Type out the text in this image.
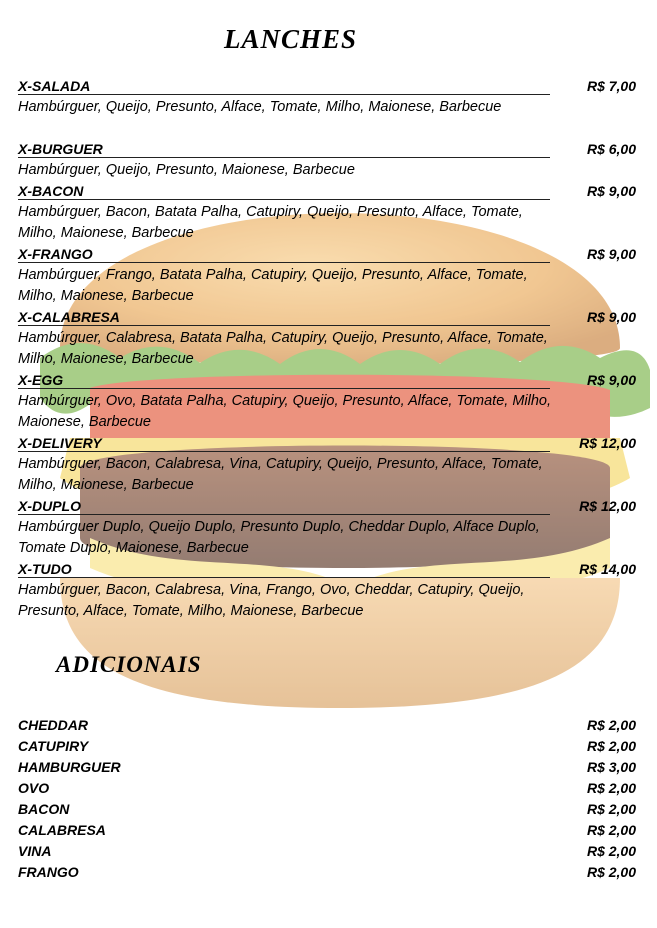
LANCHES
X-SALADA	R$ 7,00
Hambúrguer, Queijo, Presunto, Alface, Tomate, Milho, Maionese, Barbecue
X-BURGUER	R$ 6,00
Hambúrguer, Queijo, Presunto, Maionese, Barbecue
X-BACON	R$ 9,00
Hambúrguer, Bacon, Batata Palha, Catupiry, Queijo, Presunto, Alface, Tomate, Milho, Maionese, Barbecue
X-FRANGO	R$ 9,00
Hambúrguer, Frango, Batata Palha, Catupiry, Queijo, Presunto, Alface, Tomate, Milho, Maionese, Barbecue
X-CALABRESA	R$ 9,00
Hambúrguer, Calabresa, Batata Palha, Catupiry, Queijo, Presunto, Alface, Tomate, Milho, Maionese, Barbecue
X-EGG	R$ 9,00
Hambúrguer, Ovo, Batata Palha, Catupiry, Queijo, Presunto, Alface, Tomate, Milho, Maionese, Barbecue
X-DELIVERY	R$ 12,00
Hambúrguer, Bacon, Calabresa, Vina, Catupiry, Queijo, Presunto, Alface, Tomate, Milho, Maionese, Barbecue
X-DUPLO	R$ 12,00
Hambúrguer Duplo, Queijo Duplo, Presunto Duplo, Cheddar Duplo, Alface Duplo, Tomate Duplo, Maionese, Barbecue
X-TUDO	R$ 14,00
Hambúrguer, Bacon, Calabresa, Vina, Frango, Ovo, Cheddar, Catupiry, Queijo, Presunto, Alface, Tomate, Milho, Maionese, Barbecue
ADICIONAIS
CHEDDAR	R$ 2,00
CATUPIRY	R$ 2,00
HAMBURGUER	R$ 3,00
OVO	R$ 2,00
BACON	R$ 2,00
CALABRESA	R$ 2,00
VINA	R$ 2,00
FRANGO	R$ 2,00
